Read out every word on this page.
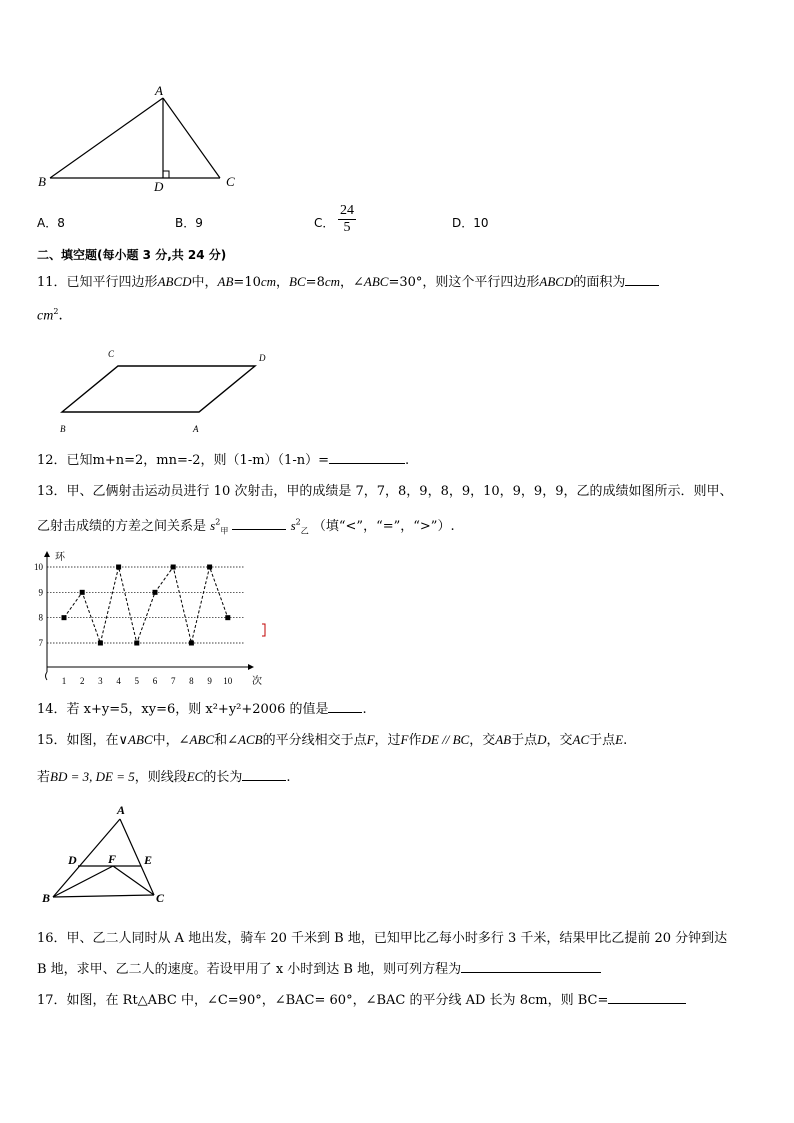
A
B	C
D
A．8	B．9	C． $\frac{24}{5}$	D．10
二、填空题(每小题 3 分,共 24 分)
11．已知平行四边形ABCD中，AB=10cm，BC=8cm，∠ABC=30°，则这个平行四边形ABCD的面积为
$cm^2$.
C	D
B	A
12．已知m+n=2，mn=-2，则（1-m）（1-n）=	.
13．甲、乙俩射击运动员进行 10 次射击，甲的成绩是 7，7，8，9，8，9，10，9，9，9，乙的成绩如图所示．则甲、
乙射击成绩的方差之间关系是 $s^2_甲$	$s^2_乙$ （填“<”，“=”，“>”）.
7
8
9
10
1 2 3 4 5 6 7 8 9 10
环
次
14．若 x+y=5，xy=6，则 x²+y²+2006 的值是	.
15．如图，在∨ABC中，∠ABC和∠ACB的平分线相交于点F，过F作DE // BC，交AB于点D，交AC于点E.
若BD = 3, DE = 5，则线段EC的长为	.
A
D	F E
B	C
16．甲、乙二人同时从 A 地出发，骑车 20 千米到 B 地，已知甲比乙每小时多行 3 千米，结果甲比乙提前 20 分钟到达
B 地，求甲、乙二人的速度。若设甲用了 x 小时到达 B 地，则可列方程为
17．如图，在 Rt△ABC 中，∠C=90°，∠BAC= 60°，∠BAC 的平分线 AD 长为 8cm，则 BC=
